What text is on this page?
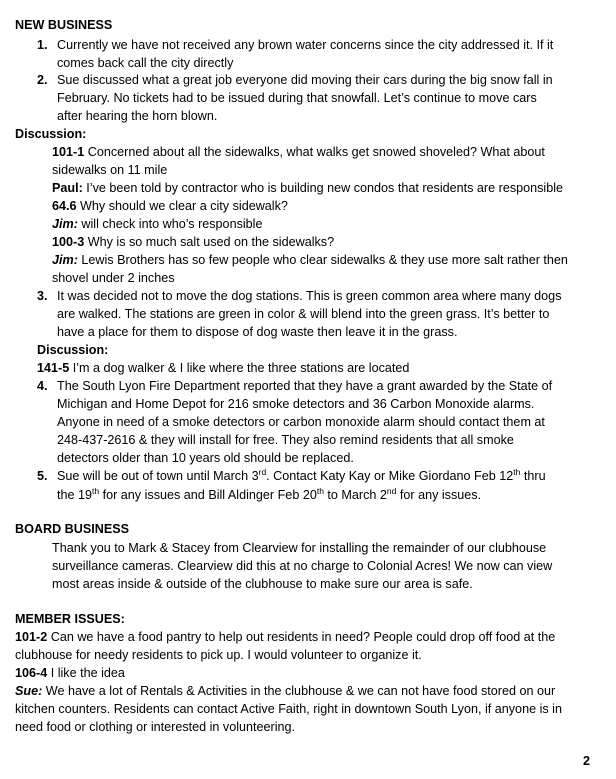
NEW BUSINESS
1. Currently we have not received any brown water concerns since the city addressed it. If it
comes back call the city directly
2. Sue discussed what a great job everyone did moving their cars during the big snow fall in
February. No tickets had to be issued during that snowfall. Let’s continue to move cars
after hearing the horn blown.
Discussion:
101-1 Concerned about all the sidewalks, what walks get snowed shoveled? What about
sidewalks on 11 mile
Paul: I’ve been told by contractor who is building new condos that residents are responsible
64.6 Why should we clear a city sidewalk?
Jim: will check into who’s responsible
100-3 Why is so much salt used on the sidewalks?
Jim: Lewis Brothers has so few people who clear sidewalks & they use more salt rather then
shovel under 2 inches
3. It was decided not to move the dog stations. This is green common area where many dogs
are walked. The stations are green in color & will blend into the green grass. It’s better to
have a place for them to dispose of dog waste then leave it in the grass.
Discussion:
141-5 I’m a dog walker & I like where the three stations are located
4. The South Lyon Fire Department reported that they have a grant awarded by the State of
Michigan and Home Depot for 216 smoke detectors and 36 Carbon Monoxide alarms.
Anyone in need of a smoke detectors or carbon monoxide alarm should contact them at
248-437-2616 & they will install for free. They also remind residents that all smoke
detectors older than 10 years old should be replaced.
5. Sue will be out of town until March 3rd. Contact Katy Kay or Mike Giordano Feb 12th thru
the 19th for any issues and Bill Aldinger Feb 20th to March 2nd for any issues.
BOARD BUSINESS
Thank you to Mark & Stacey from Clearview for installing the remainder of our clubhouse
surveillance cameras. Clearview did this at no charge to Colonial Acres! We now can view
most areas inside & outside of the clubhouse to make sure our area is safe.
MEMBER ISSUES:
101-2 Can we have a food pantry to help out residents in need? People could drop off food at the
clubhouse for needy residents to pick up. I would volunteer to organize it.
106-4 I like the idea
Sue: We have a lot of Rentals & Activities in the clubhouse & we can not have food stored on our
kitchen counters. Residents can contact Active Faith, right in downtown South Lyon, if anyone is in
need food or clothing or interested in volunteering.
2
